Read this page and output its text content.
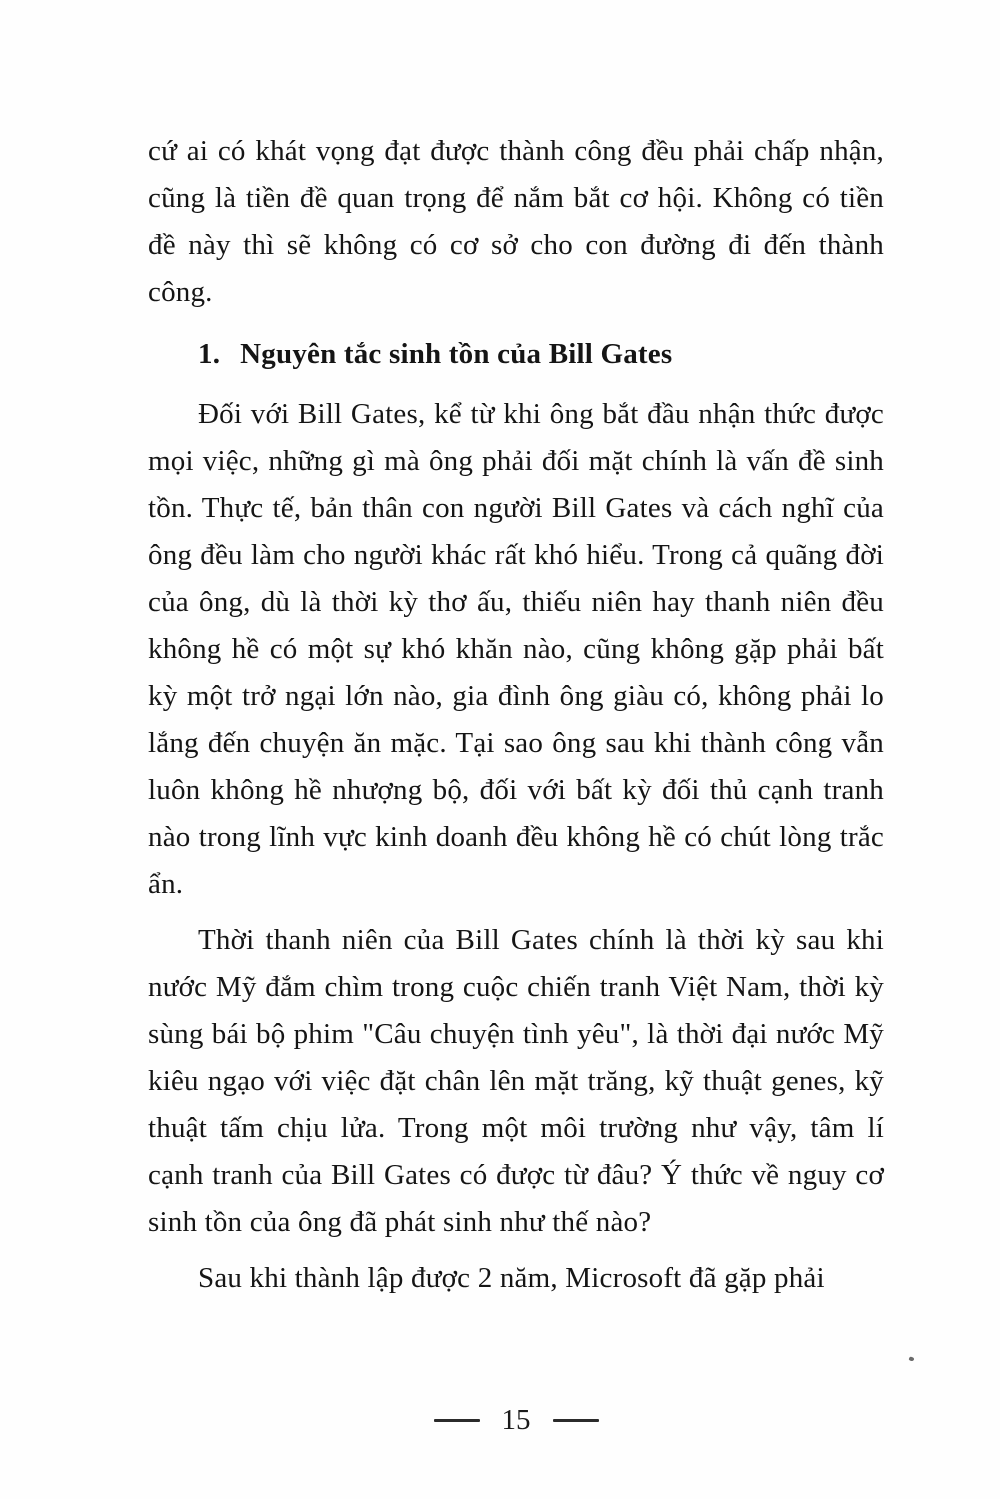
cứ ai có khát vọng đạt được thành công đều phải chấp nhận, cũng là tiền đề quan trọng để nắm bắt cơ hội. Không có tiền đề này thì sẽ không có cơ sở cho con đường đi đến thành công.

1. Nguyên tắc sinh tồn của Bill Gates

Đối với Bill Gates, kể từ khi ông bắt đầu nhận thức được mọi việc, những gì mà ông phải đối mặt chính là vấn đề sinh tồn. Thực tế, bản thân con người Bill Gates và cách nghĩ của ông đều làm cho người khác rất khó hiểu. Trong cả quãng đời của ông, dù là thời kỳ thơ ấu, thiếu niên hay thanh niên đều không hề có một sự khó khăn nào, cũng không gặp phải bất kỳ một trở ngại lớn nào, gia đình ông giàu có, không phải lo lắng đến chuyện ăn mặc. Tại sao ông sau khi thành công vẫn luôn không hề nhượng bộ, đối với bất kỳ đối thủ cạnh tranh nào trong lĩnh vực kinh doanh đều không hề có chút lòng trắc ẩn.

Thời thanh niên của Bill Gates chính là thời kỳ sau khi nước Mỹ đắm chìm trong cuộc chiến tranh Việt Nam, thời kỳ sùng bái bộ phim "Câu chuyện tình yêu", là thời đại nước Mỹ kiêu ngạo với việc đặt chân lên mặt trăng, kỹ thuật genes, kỹ thuật tấm chịu lửa. Trong một môi trường như vậy, tâm lí cạnh tranh của Bill Gates có được từ đâu? Ý thức về nguy cơ sinh tồn của ông đã phát sinh như thế nào?

Sau khi thành lập được 2 năm, Microsoft đã gặp phải

15
